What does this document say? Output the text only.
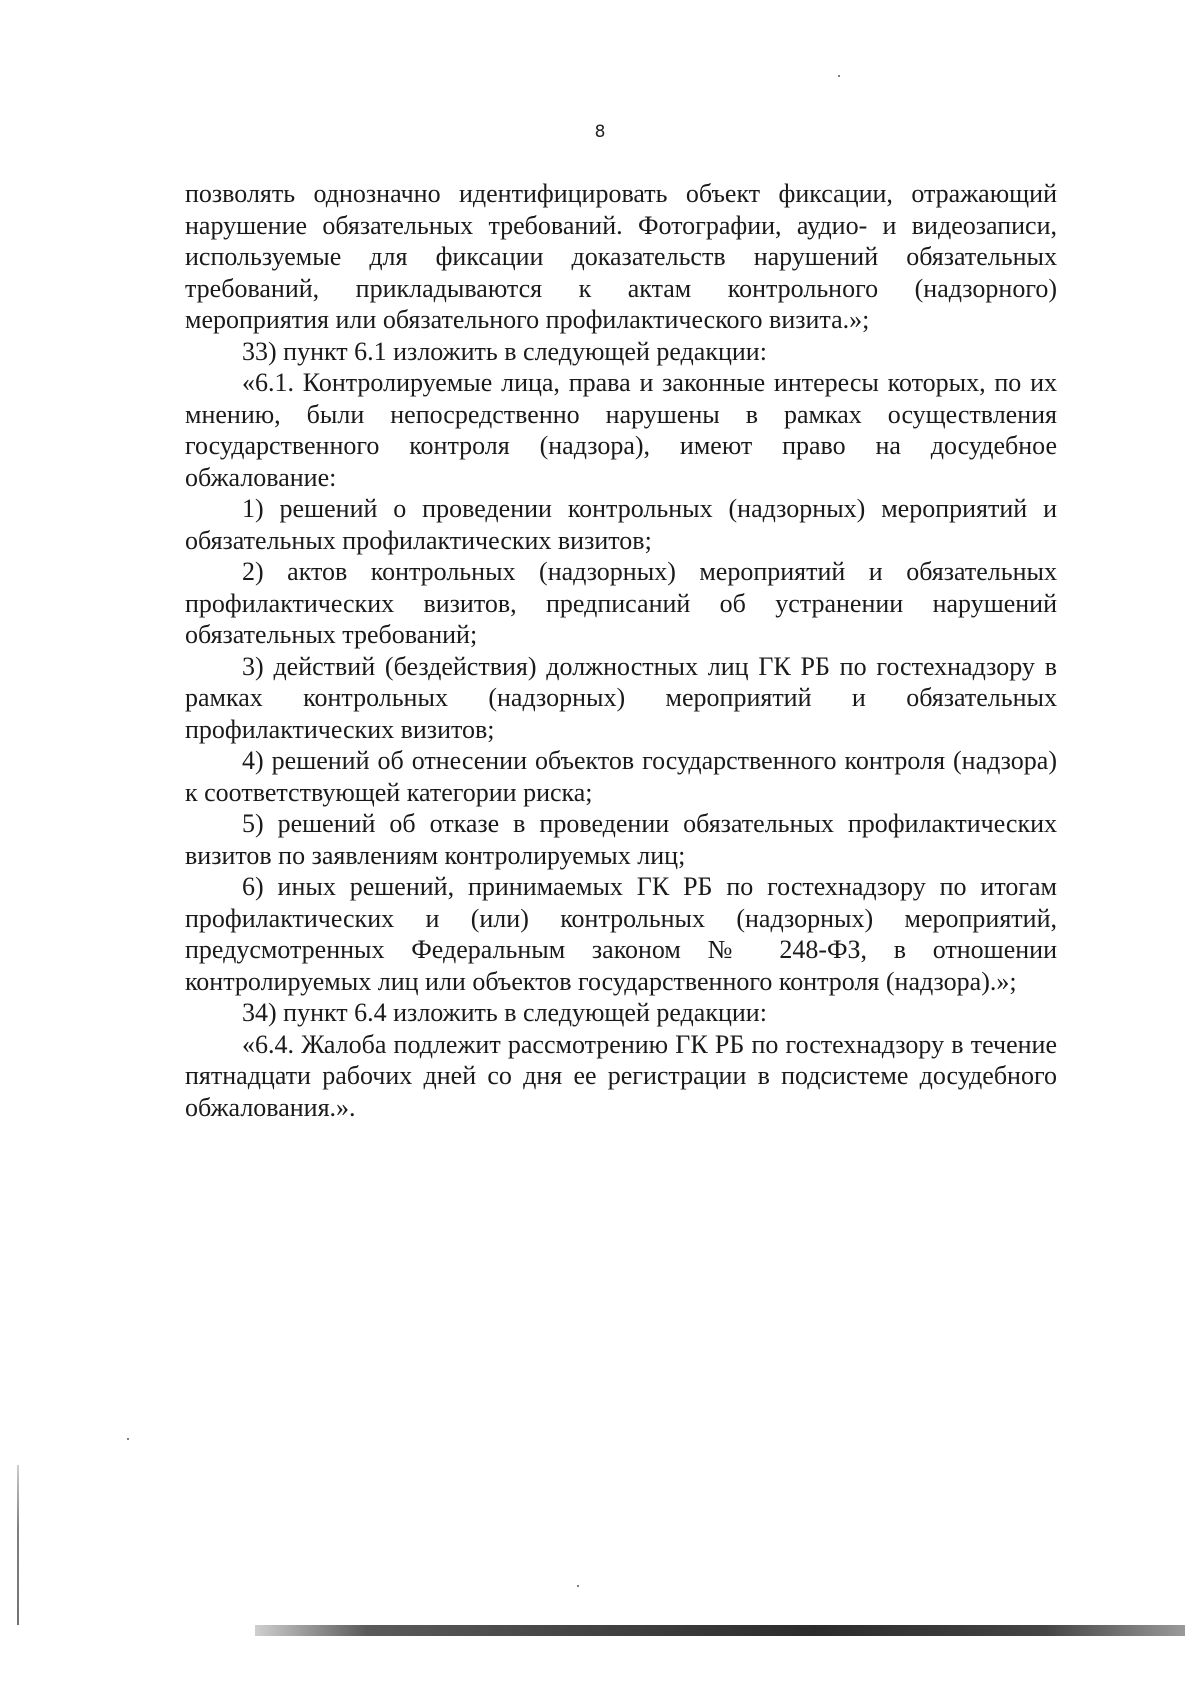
8

позволять однозначно идентифицировать объект фиксации, отражающий нарушение обязательных требований. Фотографии, аудио- и видеозаписи, используемые для фиксации доказательств нарушений обязательных требований, прикладываются к актам контрольного (надзорного) мероприятия или обязательного профилактического визита.»;

33) пункт 6.1 изложить в следующей редакции:

«6.1. Контролируемые лица, права и законные интересы которых, по их мнению, были непосредственно нарушены в рамках осуществления государственного контроля (надзора), имеют право на досудебное обжалование:

1) решений о проведении контрольных (надзорных) мероприятий и обязательных профилактических визитов;

2) актов контрольных (надзорных) мероприятий и обязательных профилактических визитов, предписаний об устранении нарушений обязательных требований;

3) действий (бездействия) должностных лиц ГК РБ по гостехнадзору в рамках контрольных (надзорных) мероприятий и обязательных профилактических визитов;

4) решений об отнесении объектов государственного контроля (надзора) к соответствующей категории риска;

5) решений об отказе в проведении обязательных профилактических визитов по заявлениям контролируемых лиц;

6) иных решений, принимаемых ГК РБ по гостехнадзору по итогам профилактических и (или) контрольных (надзорных) мероприятий, предусмотренных Федеральным законом № 248-ФЗ, в отношении контролируемых лиц или объектов государственного контроля (надзора).»;

34) пункт 6.4 изложить в следующей редакции:

«6.4. Жалоба подлежит рассмотрению ГК РБ по гостехнадзору в течение пятнадцати рабочих дней со дня ее регистрации в подсистеме досудебного обжалования.».
